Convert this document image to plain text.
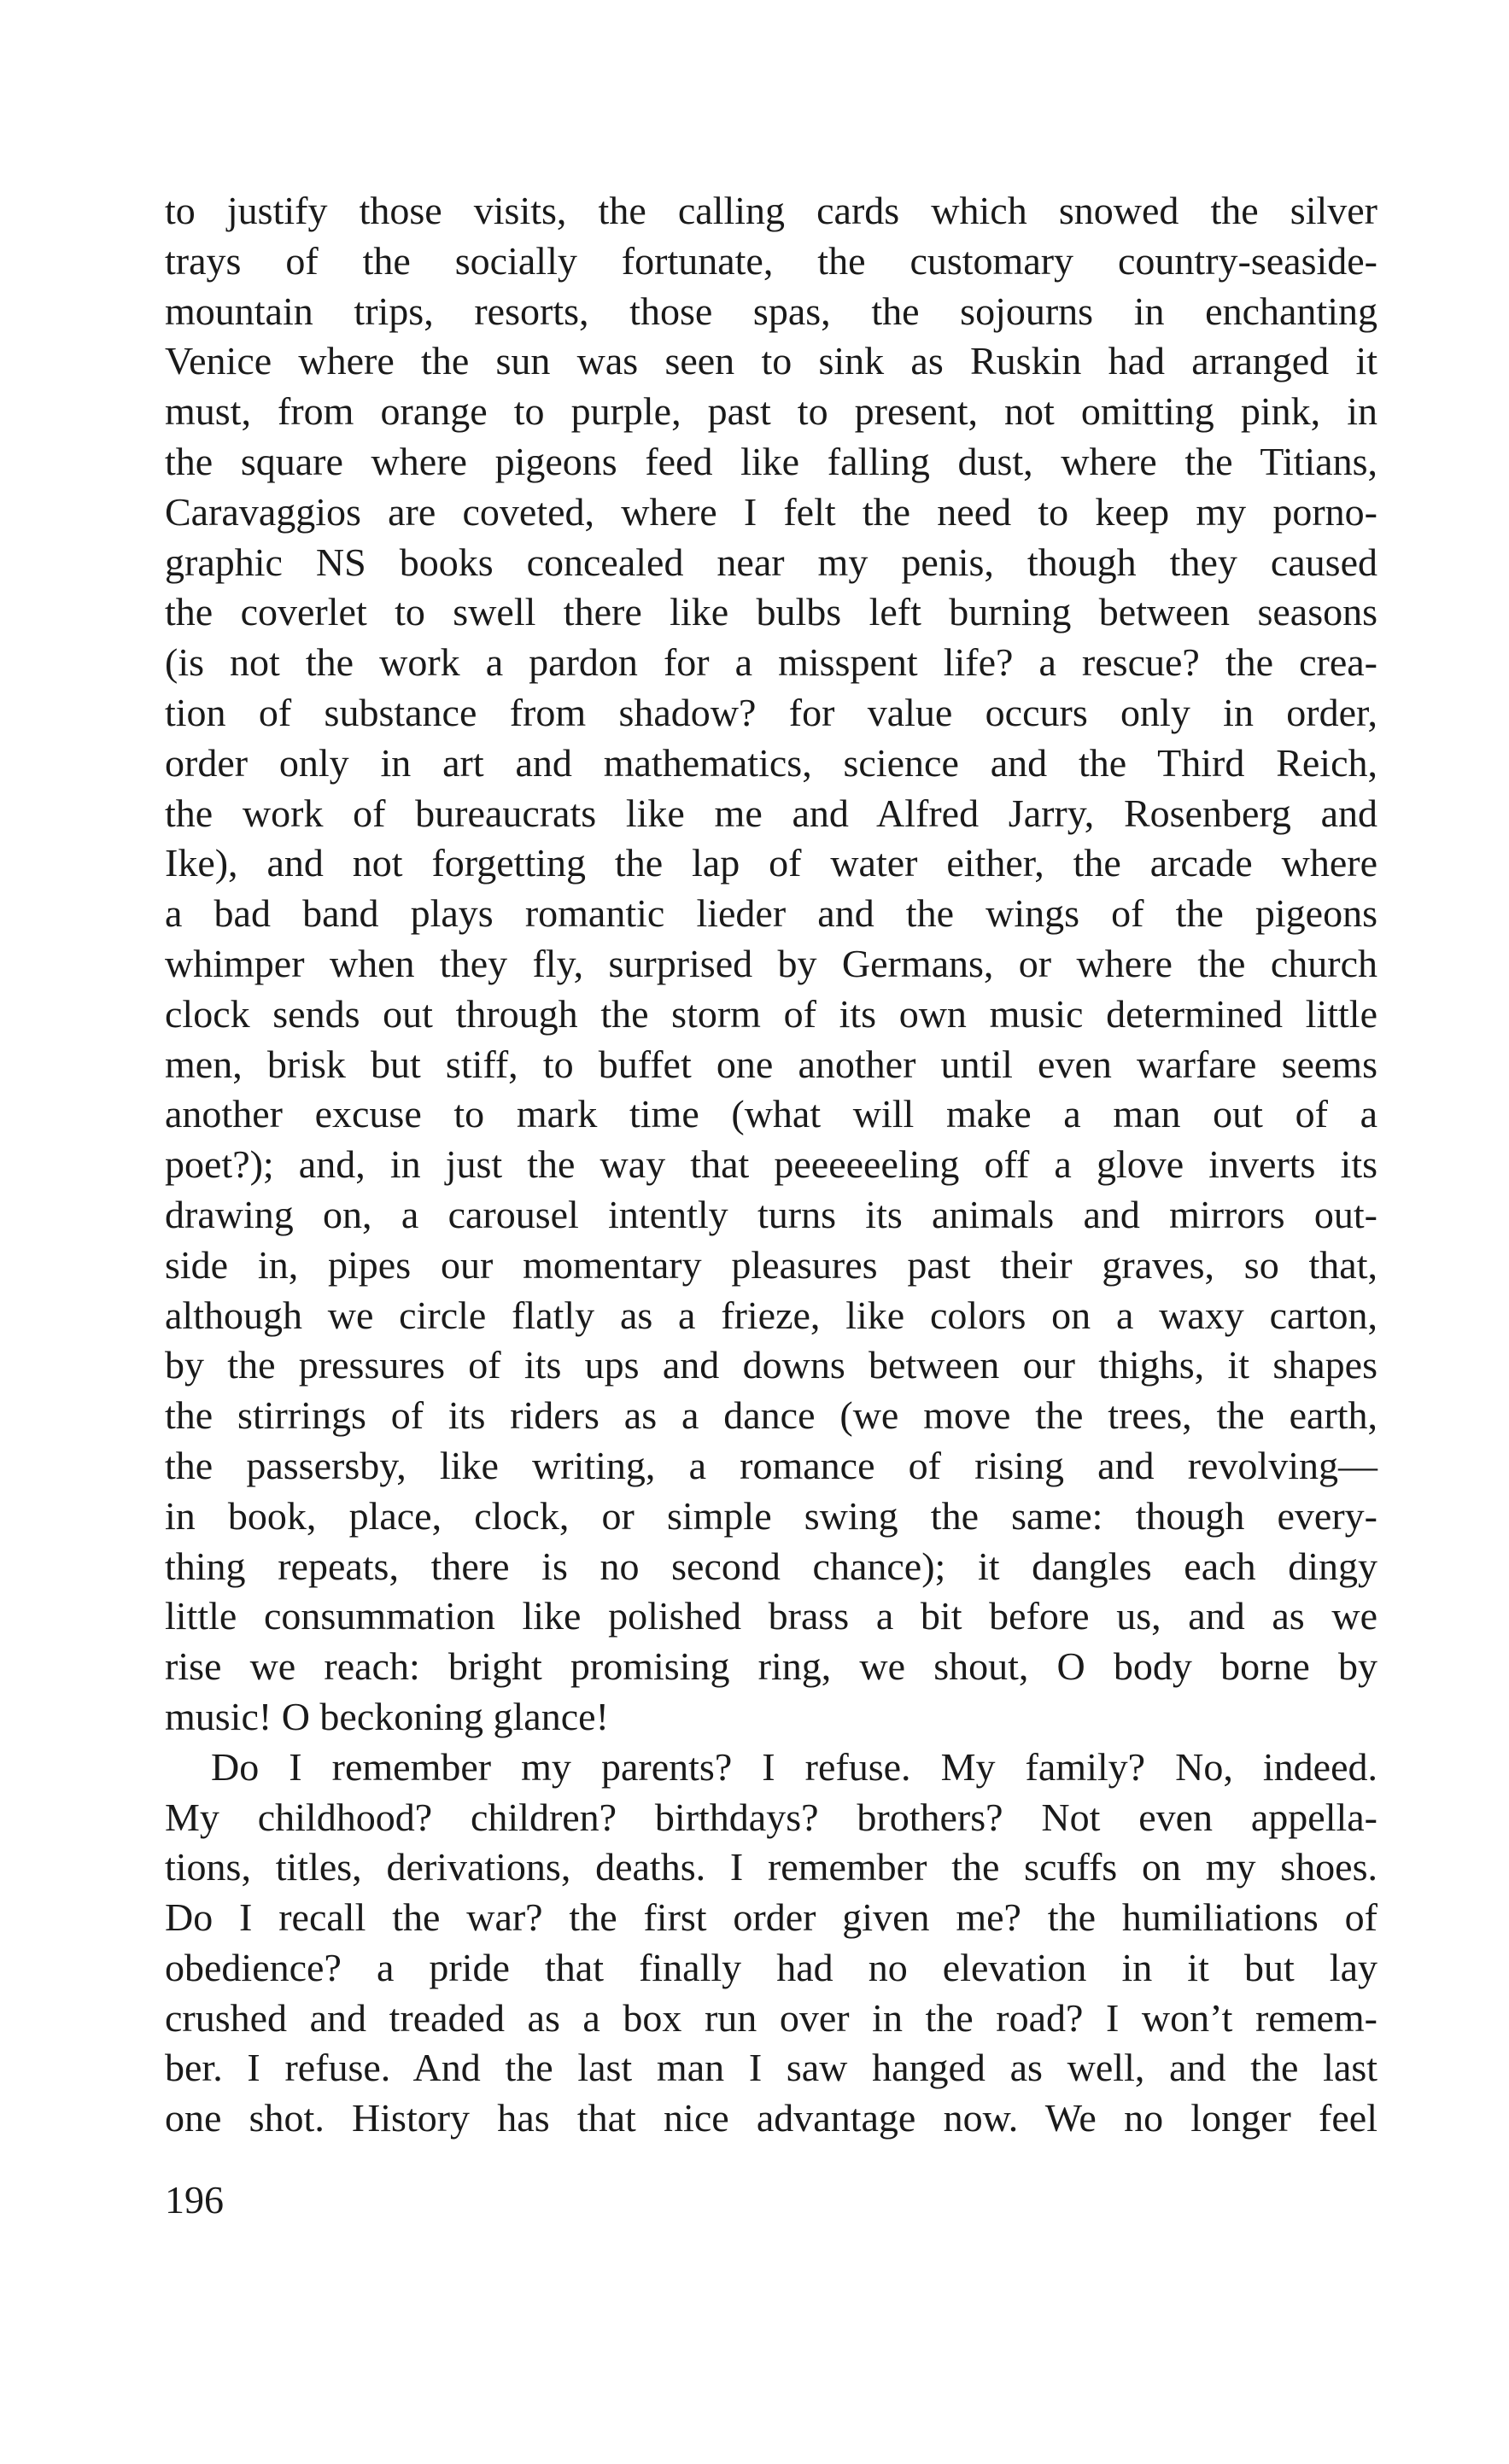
to justify those visits, the calling cards which snowed the silver
trays of the socially fortunate, the customary country-seaside-
mountain trips, resorts, those spas, the sojourns in enchanting
Venice where the sun was seen to sink as Ruskin had arranged it
must, from orange to purple, past to present, not omitting pink, in
the square where pigeons feed like falling dust, where the Titians,
Caravaggios are coveted, where I felt the need to keep my porno-
graphic NS books concealed near my penis, though they caused
the coverlet to swell there like bulbs left burning between seasons
(is not the work a pardon for a misspent life? a rescue? the crea-
tion of substance from shadow? for value occurs only in order,
order only in art and mathematics, science and the Third Reich,
the work of bureaucrats like me and Alfred Jarry, Rosenberg and
Ike), and not forgetting the lap of water either, the arcade where
a bad band plays romantic lieder and the wings of the pigeons
whimper when they fly, surprised by Germans, or where the church
clock sends out through the storm of its own music determined little
men, brisk but stiff, to buffet one another until even warfare seems
another excuse to mark time (what will make a man out of a
poet?); and, in just the way that peeeeeeling off a glove inverts its
drawing on, a carousel intently turns its animals and mirrors out-
side in, pipes our momentary pleasures past their graves, so that,
although we circle flatly as a frieze, like colors on a waxy carton,
by the pressures of its ups and downs between our thighs, it shapes
the stirrings of its riders as a dance (we move the trees, the earth,
the passersby, like writing, a romance of rising and revolving—
in book, place, clock, or simple swing the same: though every-
thing repeats, there is no second chance); it dangles each dingy
little consummation like polished brass a bit before us, and as we
rise we reach: bright promising ring, we shout, O body borne by
music! O beckoning glance!
Do I remember my parents? I refuse. My family? No, indeed.
My childhood? children? birthdays? brothers? Not even appella-
tions, titles, derivations, deaths. I remember the scuffs on my shoes.
Do I recall the war? the first order given me? the humiliations of
obedience? a pride that finally had no elevation in it but lay
crushed and treaded as a box run over in the road? I won’t remem-
ber. I refuse. And the last man I saw hanged as well, and the last
one shot. History has that nice advantage now. We no longer feel
196
